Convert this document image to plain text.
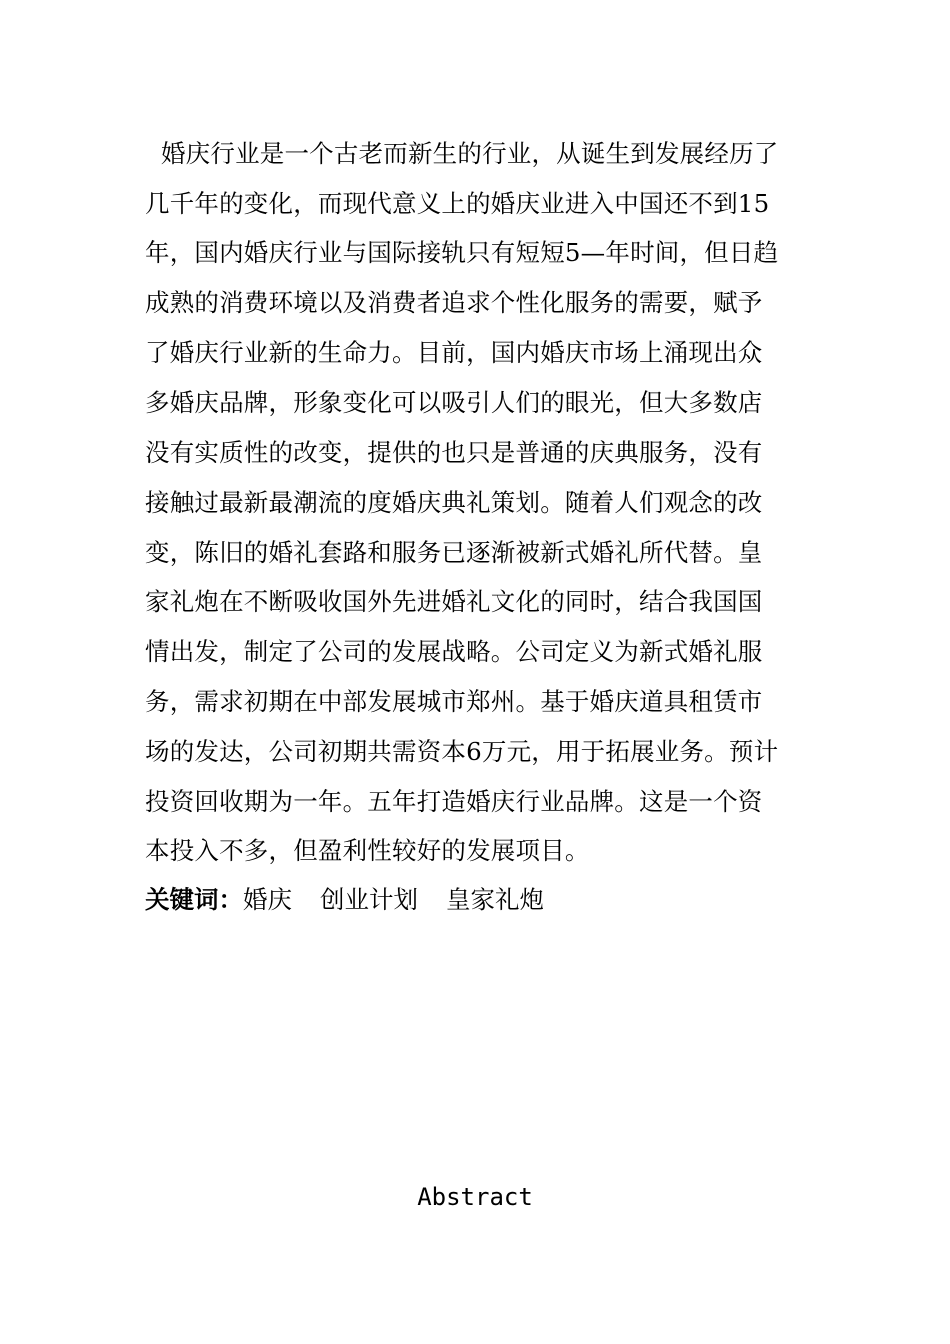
婚庆行业是一个古老而新生的行业，从诞生到发展经历了
几千年的变化，而现代意义上的婚庆业进入中国还不到15
年，国内婚庆行业与国际接轨只有短短5—年时间，但日趋
成熟的消费环境以及消费者追求个性化服务的需要，赋予
了婚庆行业新的生命力。目前，国内婚庆市场上涌现出众
多婚庆品牌，形象变化可以吸引人们的眼光，但大多数店
没有实质性的改变，提供的也只是普通的庆典服务，没有
接触过最新最潮流的度婚庆典礼策划。随着人们观念的改
变，陈旧的婚礼套路和服务已逐渐被新式婚礼所代替。皇
家礼炮在不断吸收国外先进婚礼文化的同时，结合我国国
情出发，制定了公司的发展战略。公司定义为新式婚礼服
务，需求初期在中部发展城市郑州。基于婚庆道具租赁市
场的发达，公司初期共需资本6万元，用于拓展业务。预计
投资回收期为一年。五年打造婚庆行业品牌。这是一个资
本投入不多，但盈利性较好的发展项目。
关键词：婚庆 创业计划 皇家礼炮
Abstract
